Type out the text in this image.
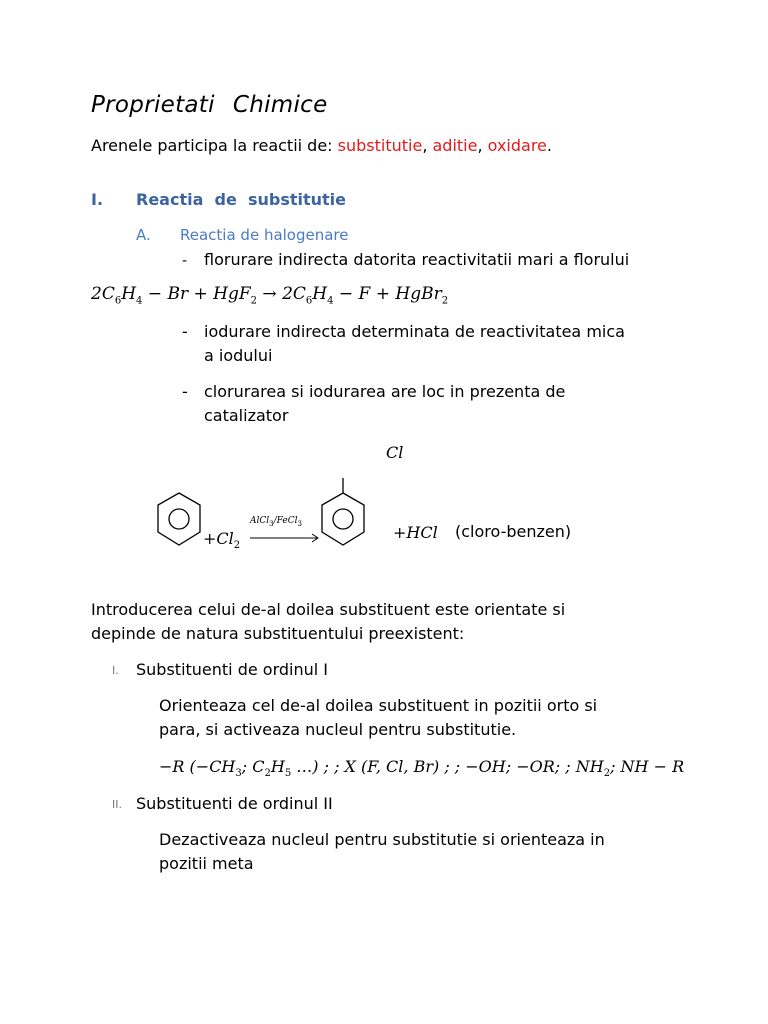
Proprietati Chimice
Arenele participa la reactii de: substitutie, aditie, oxidare.
I. Reactia  de  substitutie
A. Reactia de halogenare
- florurare indirecta datorita reactivitatii mari a florului
$2C_6H_4 - Br + HgF_2 \to 2C_6H_4 - F$ + HgBr$_2$
- iodurare indirecta determinata de reactivitatea mica
a iodului
- clorurarea si iodurarea are loc in prezenta de
catalizator
Cl
$+Cl_2$
AlCl$_3$/FeCl$_3$	+HCl (cloro-benzen)
Introducerea celui de-al doilea substituent este orientate si
depinde de natura substituentului preexistent:
I. Substituenti de ordinul I
Orienteaza cel de-al doilea substituent in pozitii orto si
para, si activeaza nucleul pentru substitutie.
−R ($-CH_3$; $C_2H_5$ …) ; ; X (F, Cl, Br) ; ; −OH; −OR; ; $NH_2$; NH − R
II. Substituenti de ordinul II
Dezactiveaza nucleul pentru substitutie si orienteaza in
pozitii meta
